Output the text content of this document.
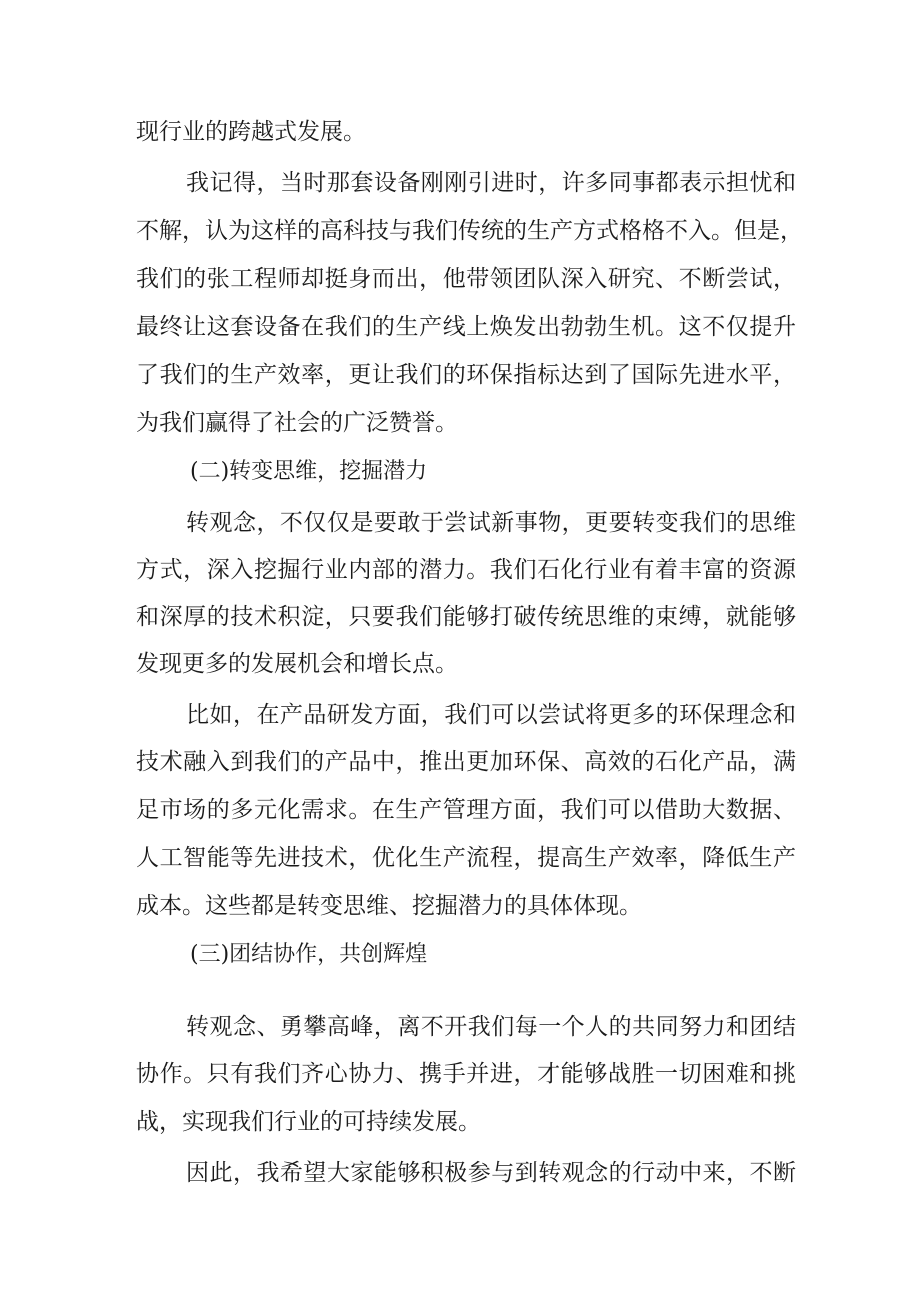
现行业的跨越式发展。
我记得，当时那套设备刚刚引进时，许多同事都表示担忧和
不解，认为这样的高科技与我们传统的生产方式格格不入。但是，
我们的张工程师却挺身而出，他带领团队深入研究、不断尝试，
最终让这套设备在我们的生产线上焕发出勃勃生机。这不仅提升
了我们的生产效率，更让我们的环保指标达到了国际先进水平，
为我们赢得了社会的广泛赞誉。
(二)转变思维，挖掘潜力
转观念，不仅仅是要敢于尝试新事物，更要转变我们的思维
方式，深入挖掘行业内部的潜力。我们石化行业有着丰富的资源
和深厚的技术积淀，只要我们能够打破传统思维的束缚，就能够
发现更多的发展机会和增长点。
比如，在产品研发方面，我们可以尝试将更多的环保理念和
技术融入到我们的产品中，推出更加环保、高效的石化产品，满
足市场的多元化需求。在生产管理方面，我们可以借助大数据、
人工智能等先进技术，优化生产流程，提高生产效率，降低生产
成本。这些都是转变思维、挖掘潜力的具体体现。
(三)团结协作，共创辉煌
转观念、勇攀高峰，离不开我们每一个人的共同努力和团结
协作。只有我们齐心协力、携手并进，才能够战胜一切困难和挑
战，实现我们行业的可持续发展。
因此，我希望大家能够积极参与到转观念的行动中来，不断
